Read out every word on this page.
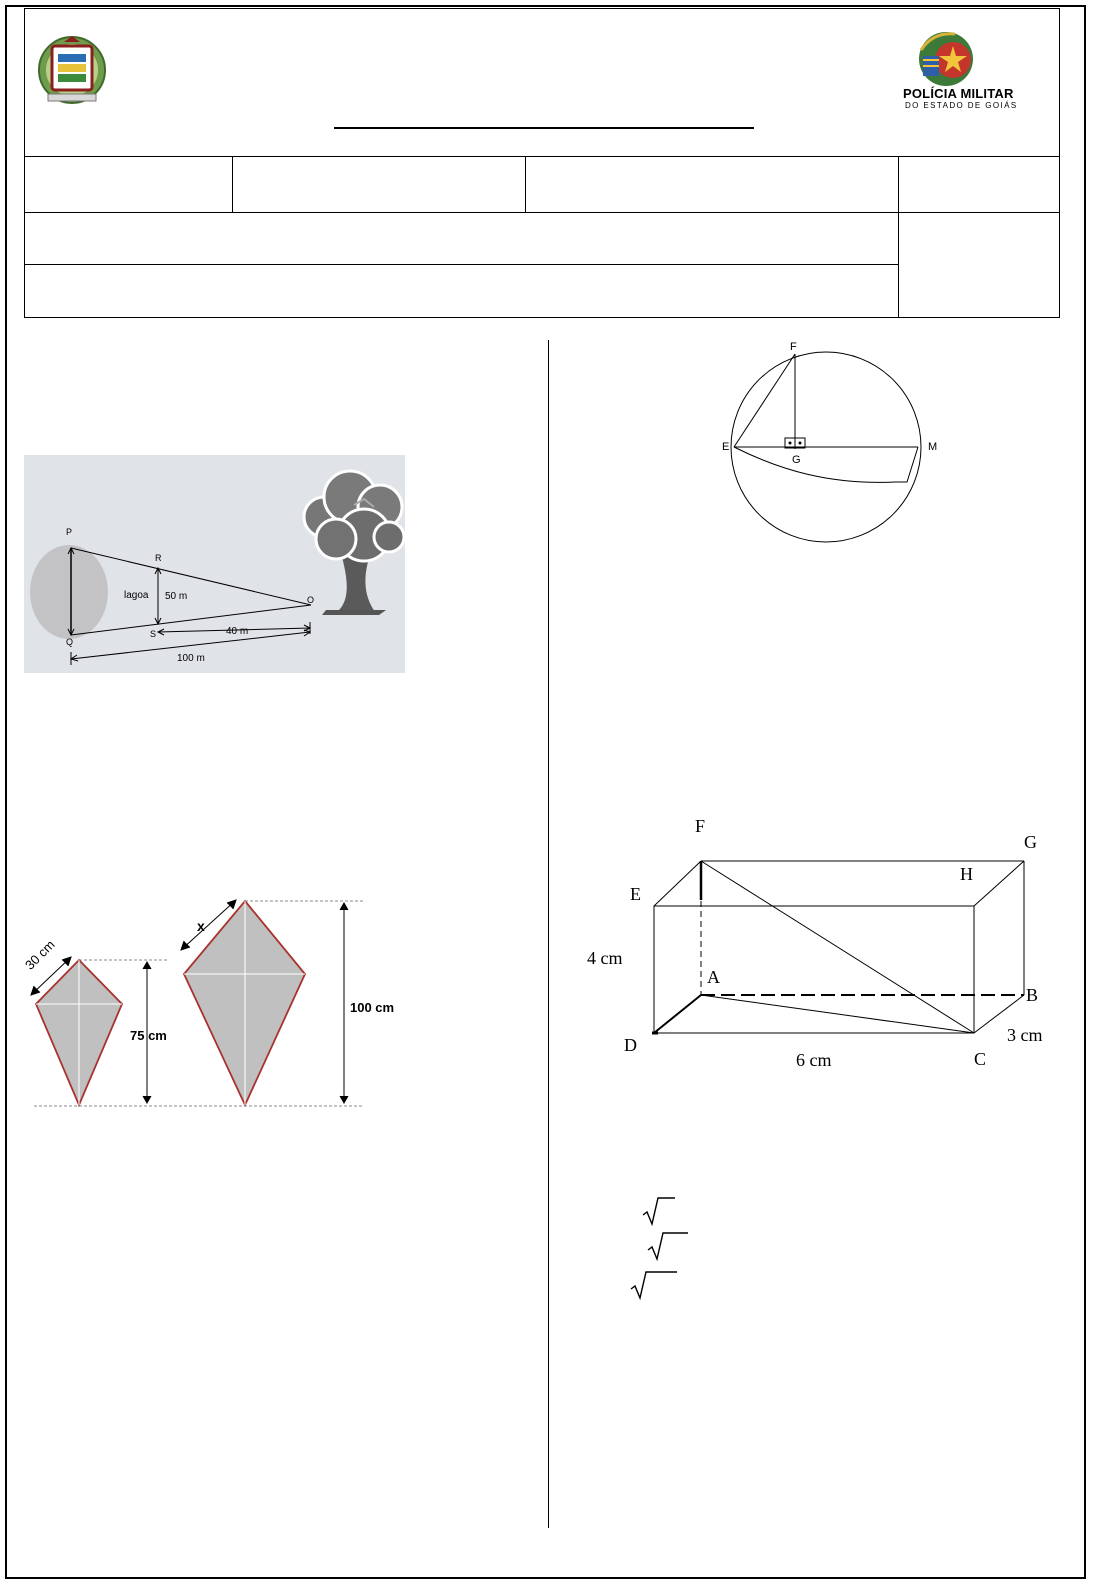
POLÍCIA MILITAR
DO ESTADO DE GOIÁS
P
Q
R
S
O
lagoa 50 m
40 m
100 m
30 cm
75 cm
x
100 cm
F
E
G
M
F
G
E
H
A
B
D
C
4 cm
6 cm
3 cm
